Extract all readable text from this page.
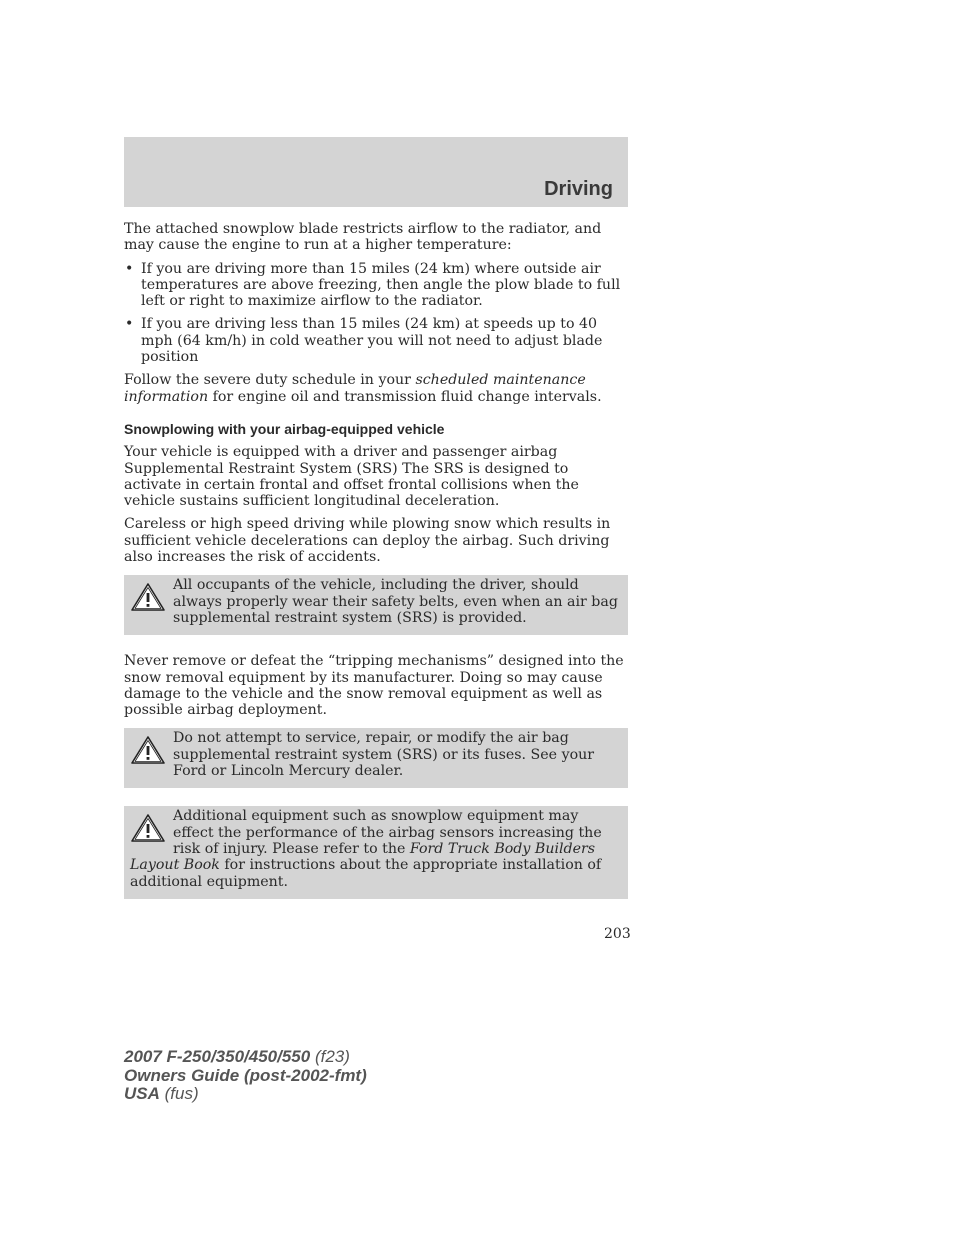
Driving

The attached snowplow blade restricts airflow to the radiator, and may cause the engine to run at a higher temperature:

• If you are driving more than 15 miles (24 km) where outside air temperatures are above freezing, then angle the plow blade to full left or right to maximize airflow to the radiator.
• If you are driving less than 15 miles (24 km) at speeds up to 40 mph (64 km/h) in cold weather you will not need to adjust blade position

Follow the severe duty schedule in your scheduled maintenance information for engine oil and transmission fluid change intervals.

Snowplowing with your airbag-equipped vehicle

Your vehicle is equipped with a driver and passenger airbag Supplemental Restraint System (SRS) The SRS is designed to activate in certain frontal and offset frontal collisions when the vehicle sustains sufficient longitudinal deceleration.

Careless or high speed driving while plowing snow which results in sufficient vehicle decelerations can deploy the airbag. Such driving also increases the risk of accidents.

All occupants of the vehicle, including the driver, should always properly wear their safety belts, even when an air bag supplemental restraint system (SRS) is provided.

Never remove or defeat the “tripping mechanisms” designed into the snow removal equipment by its manufacturer. Doing so may cause damage to the vehicle and the snow removal equipment as well as possible airbag deployment.

Do not attempt to service, repair, or modify the air bag supplemental restraint system (SRS) or its fuses. See your Ford or Lincoln Mercury dealer.

Additional equipment such as snowplow equipment may effect the performance of the airbag sensors increasing the risk of injury. Please refer to the Ford Truck Body Builders Layout Book for instructions about the appropriate installation of additional equipment.

203
2007 F-250/350/450/550 (f23)
Owners Guide (post-2002-fmt)
USA (fus)
